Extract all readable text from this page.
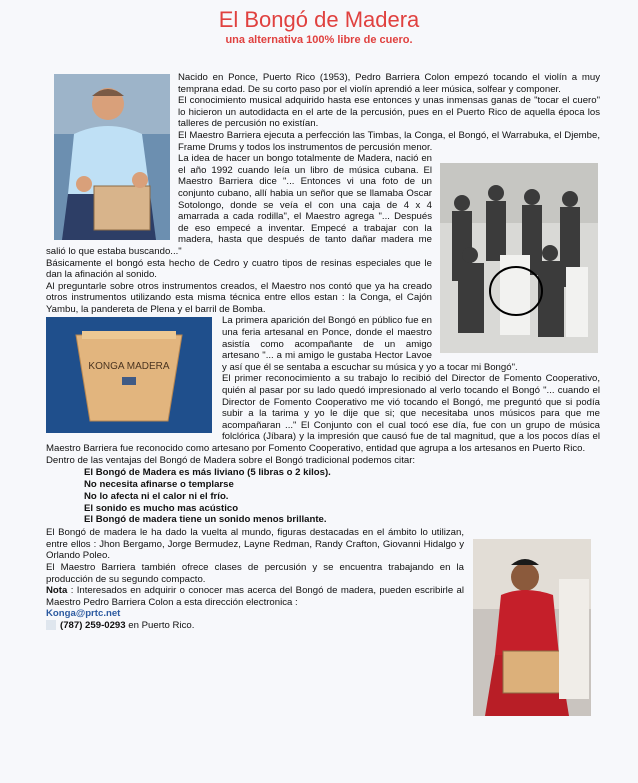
El Bongó de Madera
una alternativa 100% libre de cuero.

Nacido en Ponce, Puerto Rico (1953), Pedro Barriera Colon empezó tocando el violín a muy temprana edad. De su corto paso por el violín aprendió a leer música, solfear y componer.

El conocimiento musical adquirido hasta ese entonces y unas inmensas ganas de "tocar el cuero" lo hicieron un autodidacta en el arte de la percusión, pues en el Puerto Rico de aquella época los talleres de percusión no existían.

El Maestro Barriera ejecuta a perfección las Timbas, la Conga, el Bongó, el Warrabuka, el Djembe, Frame Drums y todos los instrumentos de percusión menor.

La idea de hacer un bongo totalmente de Madera, nació en el año 1992 cuando leía un libro de música cubana. El Maestro Barriera dice "... Entonces vi una foto de un conjunto cubano, allí habia un señor que se llamaba Oscar Sotolongo, donde se veía el con una caja de 4 x 4 amarrada a cada rodilla", el Maestro agrega "... Después de eso empecé a inventar. Empecé a trabajar con la madera, hasta que después de tanto dañar madera me salió lo que estaba buscando..."

Básicamente el bongó esta hecho de Cedro y cuatro tipos de resinas especiales que le dan la afinación al sonido.

Al preguntarle sobre otros instrumentos creados, el Maestro nos contó que ya ha creado otros instrumentos utilizando esta misma técnica entre ellos estan : la Conga, el Cajón Yambu, la pandereta de Plena y el barril de Bomba.

KONGA MADERA

La primera aparición del Bongó en público fue en una feria artesanal en Ponce, donde el maestro asistía como acompañante de un amigo artesano "... a mi amigo le gustaba Hector Lavoe y así que él se sentaba a escuchar su música y yo a tocar mi Bongó".

El primer reconocimiento a su trabajo lo recibió del Director de Fomento Cooperativo, quién al pasar por su lado quedó impresionado al verlo tocando el Bongó "... cuando el Director de Fomento Cooperativo me vió tocando el Bongó, me preguntó que si podía subir a la tarima y yo le dije que si; que necesitaba unos músicos para que me acompañaran ..." El Conjunto con el cual tocó ese día, fue con un grupo de música folclórica (Jíbara) y la impresión que causó fue de tal magnitud, que a los pocos días el Maestro Barriera fue reconocido como artesano por Fomento Cooperativo, entidad que agrupa a los artesanos en Puerto Rico.

Dentro de las ventajas del Bongó de Madera sobre el Bongó tradicional podemos citar:

El Bongó de Madera es más liviano (5 libras o 2 kilos).
No necesita afinarse o templarse
No lo afecta ni el calor ni el frío.
El sonido es mucho mas acústico
El Bongó de madera tiene un sonido menos brillante.

El Bongó de madera le ha dado la vuelta al mundo, figuras destacadas en el ámbito lo utilizan, entre ellos : Jhon Bergamo, Jorge Bermudez, Layne Redman, Randy Crafton, Giovanni Hidalgo y Orlando Poleo.

El Maestro Barriera también ofrece clases de percusión y se encuentra trabajando en la producción de su segundo compacto.

Nota : Interesados en adquirir o conocer mas acerca del Bongó de madera, pueden escribirle al Maestro Pedro Barriera Colon a esta dirección electronica :

Konga@prtc.net

(787) 259-0293 en Puerto Rico.
